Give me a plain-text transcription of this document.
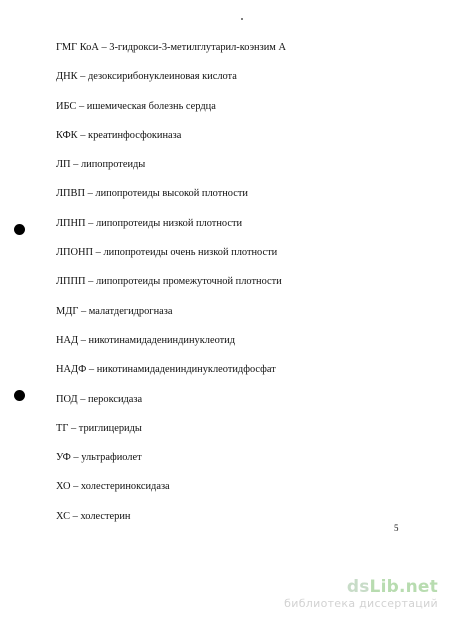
ГМГ КоА – 3-гидрокси-3-метилглутарил-коэнзим А
ДНК – дезоксирибонуклеиновая кислота
ИБС – ишемическая болезнь сердца
КФК – креатинфосфокиназа
ЛП – липопротеиды
ЛПВП – липопротеиды высокой плотности
ЛПНП – липопротеиды низкой плотности
ЛПОНП – липопротеиды очень низкой плотности
ЛППП – липопротеиды промежуточной плотности
МДГ – малатдегидрогназа
НАД – никотинамидадениндинуклеотид
НАДФ – никотинамидадениндинуклеотидфосфат
ПОД – пероксидаза
ТГ – триглицериды
УФ – ультрафиолет
ХО – холестериноксидаза
ХС – холестерин
5
dsLib.net
библиотека диссертаций
